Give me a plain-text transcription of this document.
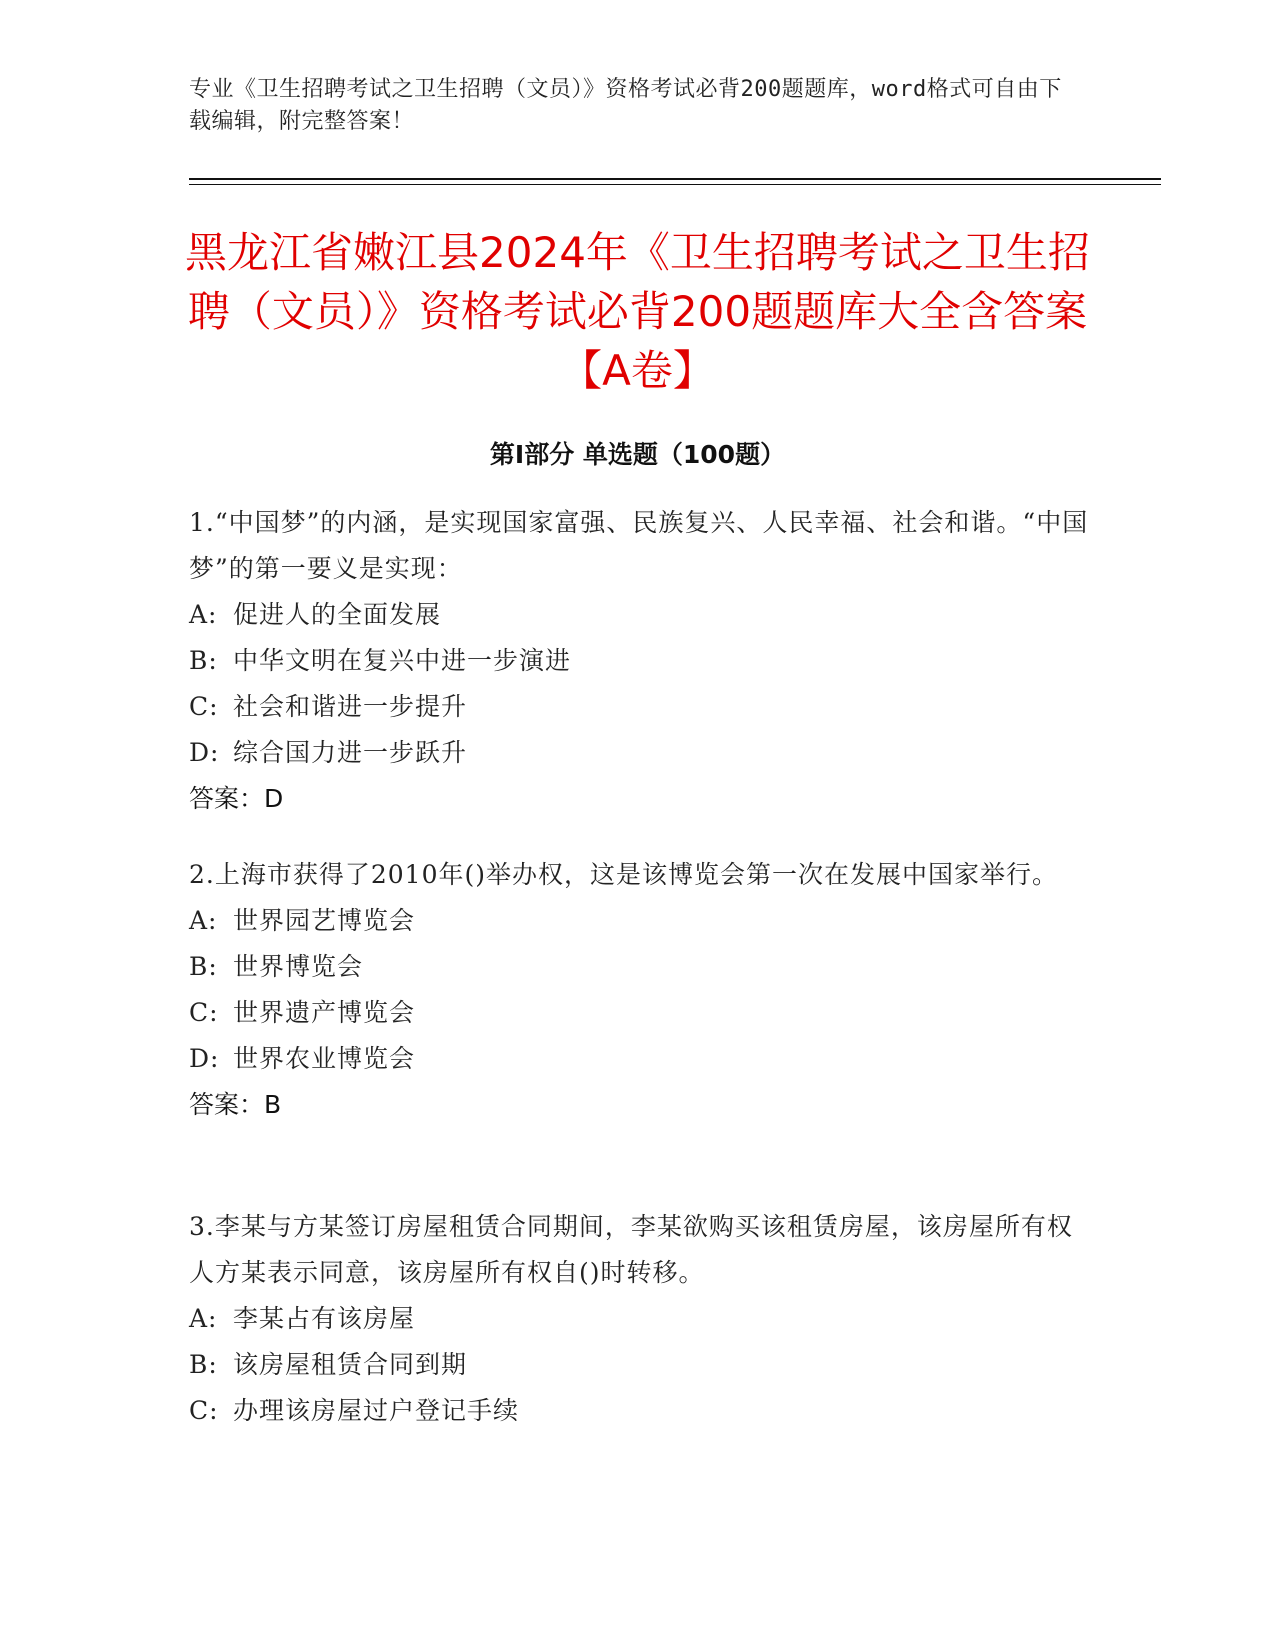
专业《卫生招聘考试之卫生招聘（文员）》资格考试必背200题题库，word格式可自由下载编辑，附完整答案！
黑龙江省嫩江县2024年《卫生招聘考试之卫生招聘（文员）》资格考试必背200题题库大全含答案【A卷】
第Ⅰ部分 单选题（100题）
1.“中国梦”的内涵，是实现国家富强、民族复兴、人民幸福、社会和谐。“中国梦”的第一要义是实现：
A: 促进人的全面发展
B: 中华文明在复兴中进一步演进
C: 社会和谐进一步提升
D: 综合国力进一步跃升
答案：D
2.上海市获得了2010年()举办权，这是该博览会第一次在发展中国家举行。
A: 世界园艺博览会
B: 世界博览会
C: 世界遗产博览会
D: 世界农业博览会
答案：B
3.李某与方某签订房屋租赁合同期间，李某欲购买该租赁房屋，该房屋所有权人方某表示同意，该房屋所有权自()时转移。
A: 李某占有该房屋
B: 该房屋租赁合同到期
C: 办理该房屋过户登记手续
